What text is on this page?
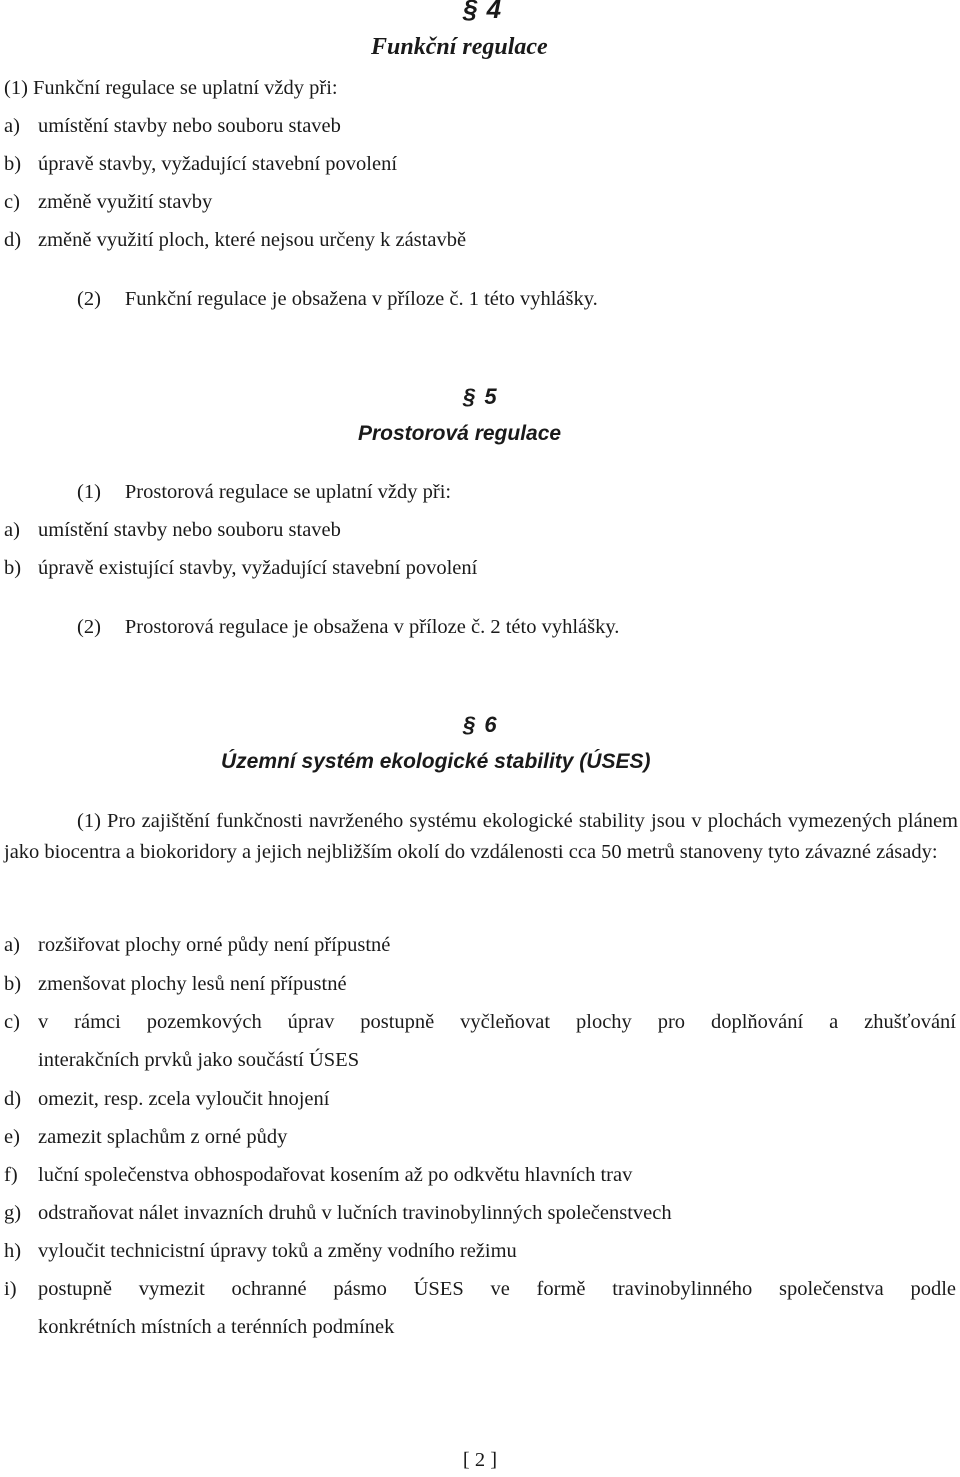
§ 4
Funkční regulace
(1) Funkční regulace se uplatní vždy při:
a) umístění stavby nebo souboru staveb
b) úpravě stavby, vyžadující stavební povolení
c) změně využití stavby
d) změně využití ploch, které nejsou určeny k zástavbě
(2) Funkční regulace je obsažena v příloze č. 1 této vyhlášky.
§ 5
Prostorová regulace
(1) Prostorová regulace se uplatní vždy při:
a) umístění stavby nebo souboru staveb
b) úpravě existující stavby, vyžadující stavební povolení
(2) Prostorová regulace je obsažena v příloze č. 2 této vyhlášky.
§ 6
Územní systém ekologické stability (ÚSES)
(1) Pro zajištění funkčnosti navrženého systému ekologické stability jsou v plochách vymezených plánem jako biocentra a biokoridory a jejich nejbližším okolí do vzdálenosti cca 50 metrů stanoveny tyto závazné zásady:
a) rozšiřovat plochy orné půdy není přípustné
b) zmenšovat plochy lesů není přípustné
c) v rámci pozemkových úprav postupně vyčleňovat plochy pro doplňování a zhušťování
interakčních prvků jako součástí ÚSES
d) omezit, resp. zcela vyloučit hnojení
e) zamezit splachům z orné půdy
f) luční společenstva obhospodařovat kosením až po odkvětu hlavních trav
g) odstraňovat nálet invazních druhů v lučních travinobylinných společenstvech
h) vyloučit technicistní úpravy toků a změny vodního režimu
i) postupně vymezit ochranné pásmo ÚSES ve formě travinobylinného společenstva podle
konkrétních místních a terénních podmínek
[ 2 ]
